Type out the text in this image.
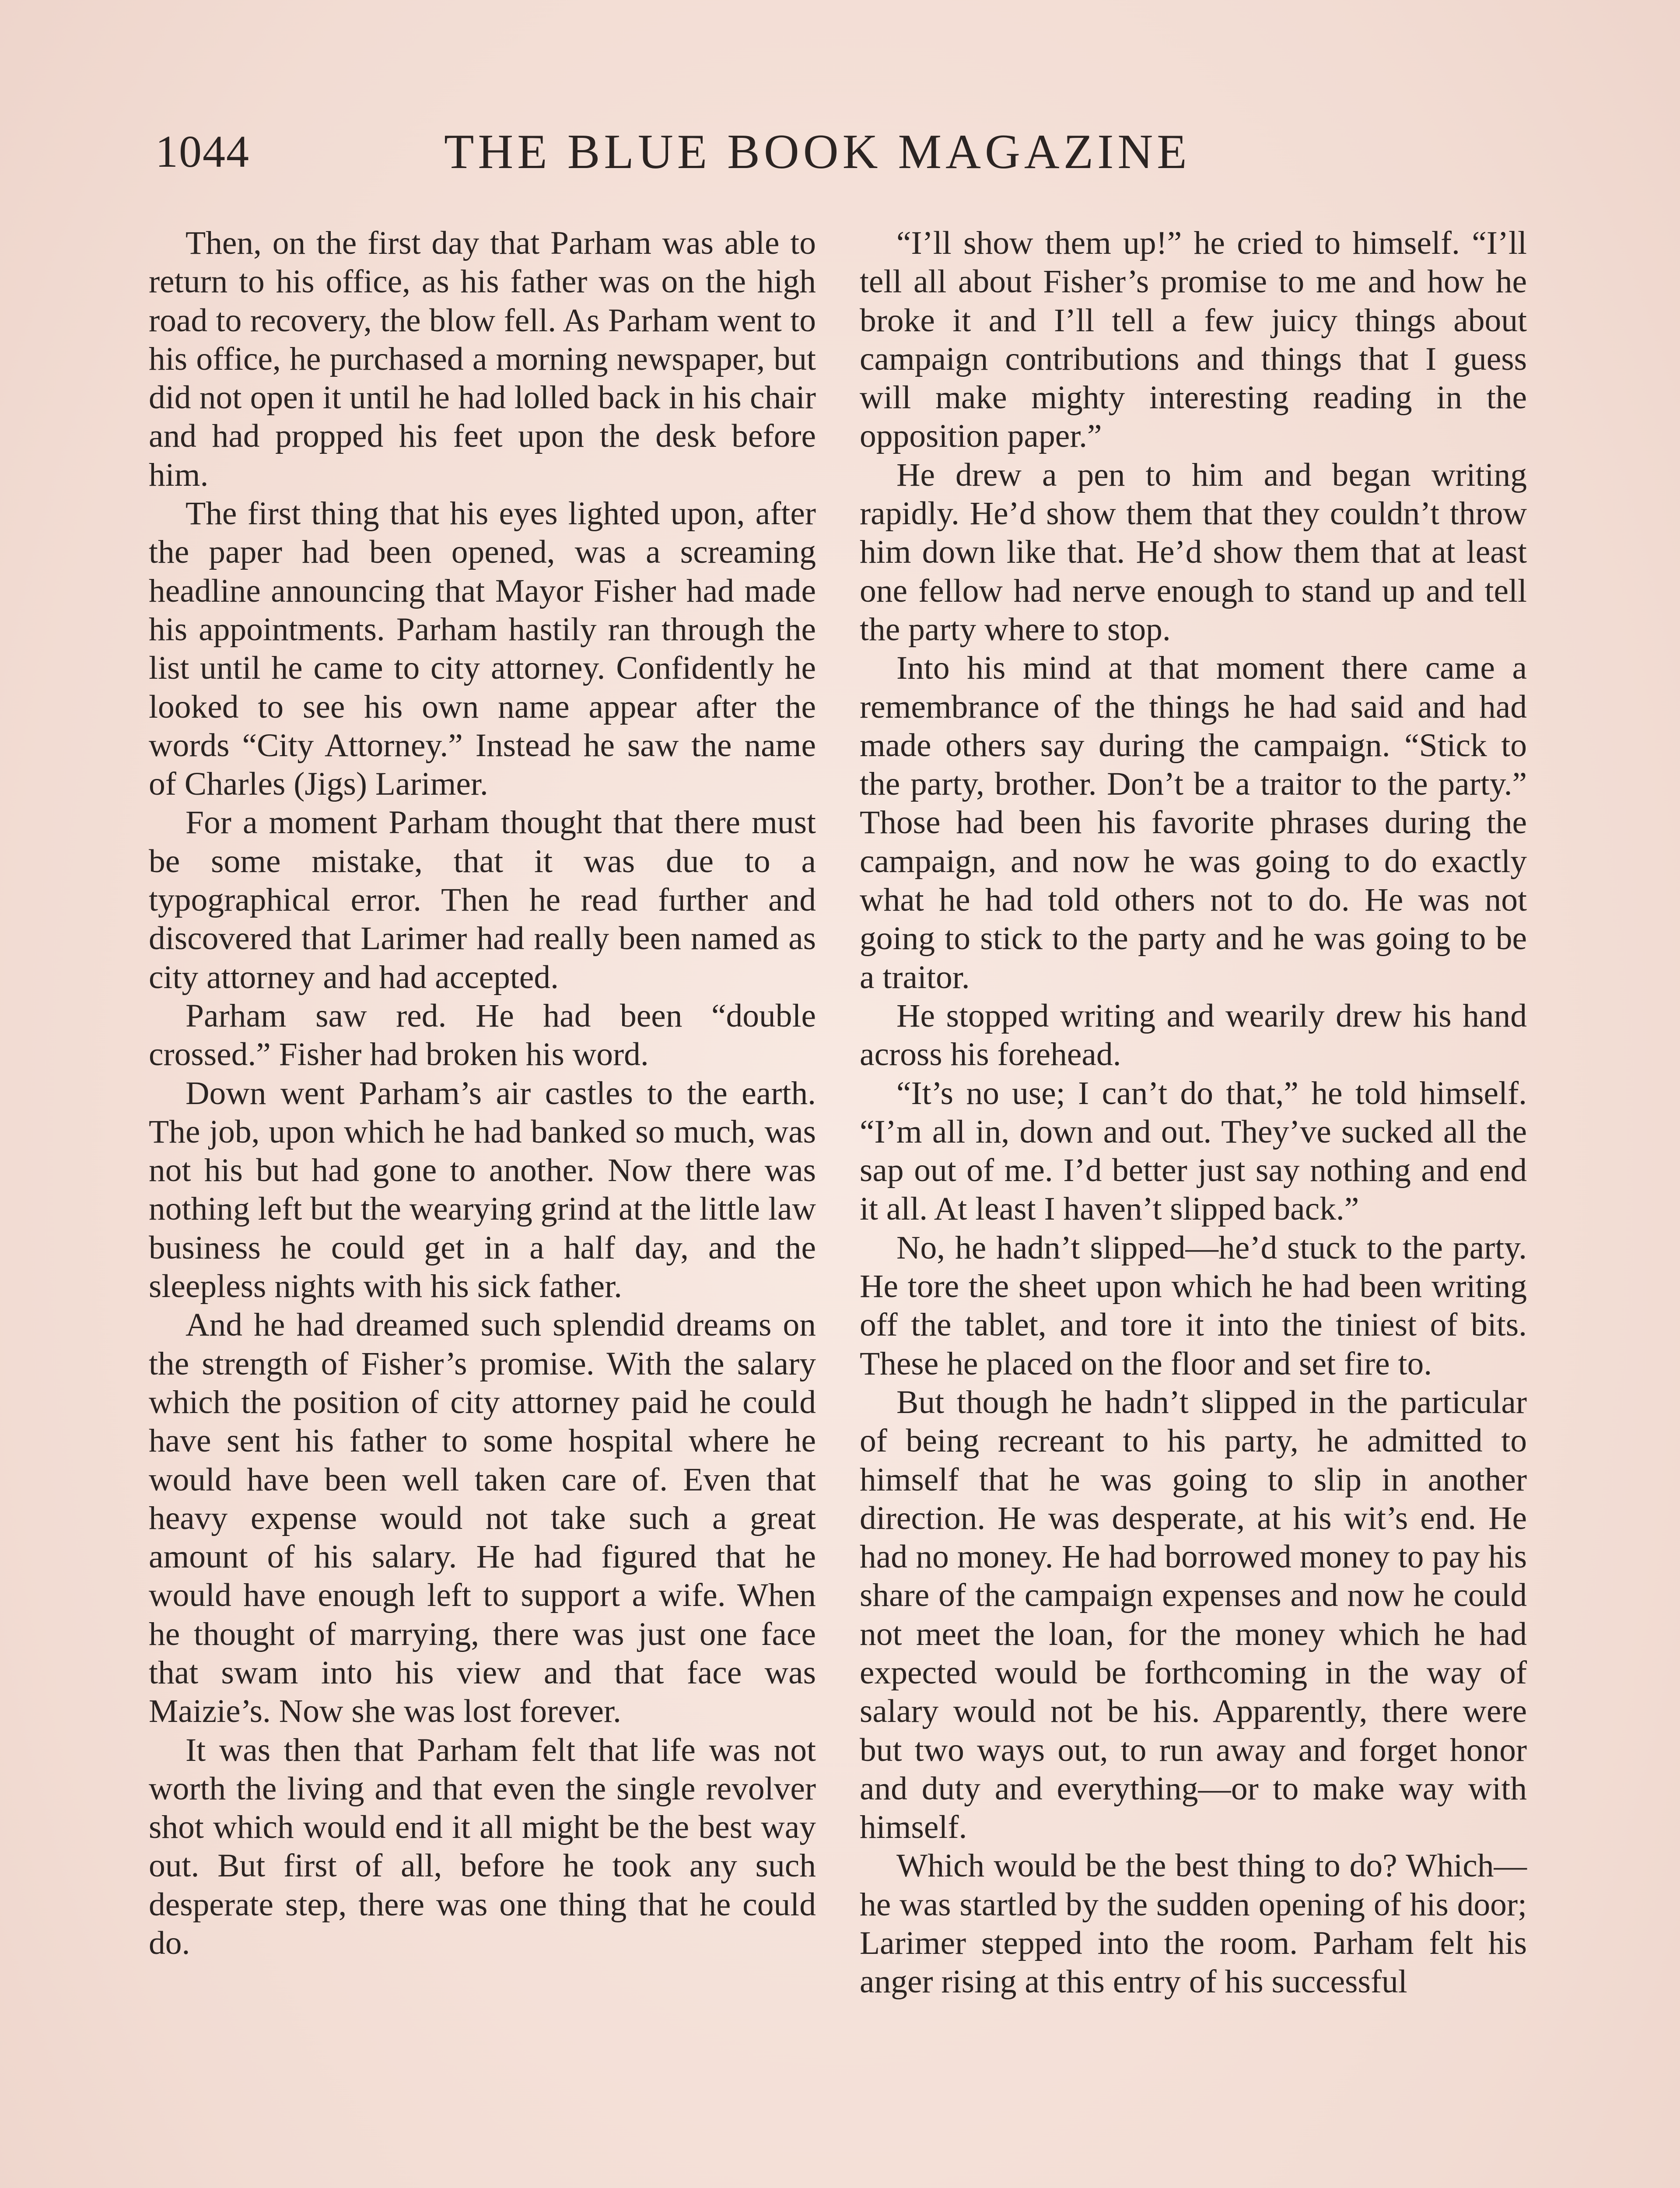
1044	THE BLUE BOOK MAGAZINE

Then, on the first day that Parham was able to return to his office, as his father was on the high road to recovery, the blow fell. As Parham went to his office, he purchased a morning newspaper, but did not open it until he had lolled back in his chair and had propped his feet upon the desk before him.

The first thing that his eyes lighted upon, after the paper had been opened, was a screaming headline announcing that Mayor Fisher had made his appointments. Parham hastily ran through the list until he came to city attorney. Confidently he looked to see his own name appear after the words “City Attorney.” Instead he saw the name of Charles (Jigs) Larimer.

For a moment Parham thought that there must be some mistake, that it was due to a typographical error. Then he read further and discovered that Larimer had really been named as city attorney and had accepted.

Parham saw red. He had been “double crossed.” Fisher had broken his word.

Down went Parham’s air castles to the earth. The job, upon which he had banked so much, was not his but had gone to another. Now there was nothing left but the wearying grind at the little law business he could get in a half day, and the sleepless nights with his sick father.

And he had dreamed such splendid dreams on the strength of Fisher’s promise. With the salary which the position of city attorney paid he could have sent his father to some hospital where he would have been well taken care of. Even that heavy expense would not take such a great amount of his salary. He had figured that he would have enough left to support a wife. When he thought of marrying, there was just one face that swam into his view and that face was Maizie’s. Now she was lost forever.

It was then that Parham felt that life was not worth the living and that even the single revolver shot which would end it all might be the best way out. But first of all, before he took any such desperate step, there was one thing that he could do.

“I’ll show them up!” he cried to himself. “I’ll tell all about Fisher’s promise to me and how he broke it and I’ll tell a few juicy things about campaign contributions and things that I guess will make mighty interesting reading in the opposition paper.”

He drew a pen to him and began writing rapidly. He’d show them that they couldn’t throw him down like that. He’d show them that at least one fellow had nerve enough to stand up and tell the party where to stop.

Into his mind at that moment there came a remembrance of the things he had said and had made others say during the campaign. “Stick to the party, brother. Don’t be a traitor to the party.” Those had been his favorite phrases during the campaign, and now he was going to do exactly what he had told others not to do. He was not going to stick to the party and he was going to be a traitor.

He stopped writing and wearily drew his hand across his forehead.

“It’s no use; I can’t do that,” he told himself. “I’m all in, down and out. They’ve sucked all the sap out of me. I’d better just say nothing and end it all. At least I haven’t slipped back.”

No, he hadn’t slipped—he’d stuck to the party. He tore the sheet upon which he had been writing off the tablet, and tore it into the tiniest of bits. These he placed on the floor and set fire to.

But though he hadn’t slipped in the particular of being recreant to his party, he admitted to himself that he was going to slip in another direction. He was desperate, at his wit’s end. He had no money. He had borrowed money to pay his share of the campaign expenses and now he could not meet the loan, for the money which he had expected would be forthcoming in the way of salary would not be his. Apparently, there were but two ways out, to run away and forget honor and duty and everything—or to make way with himself.

Which would be the best thing to do? Which—he was startled by the sudden opening of his door; Larimer stepped into the room. Parham felt his anger rising at this entry of his successful
